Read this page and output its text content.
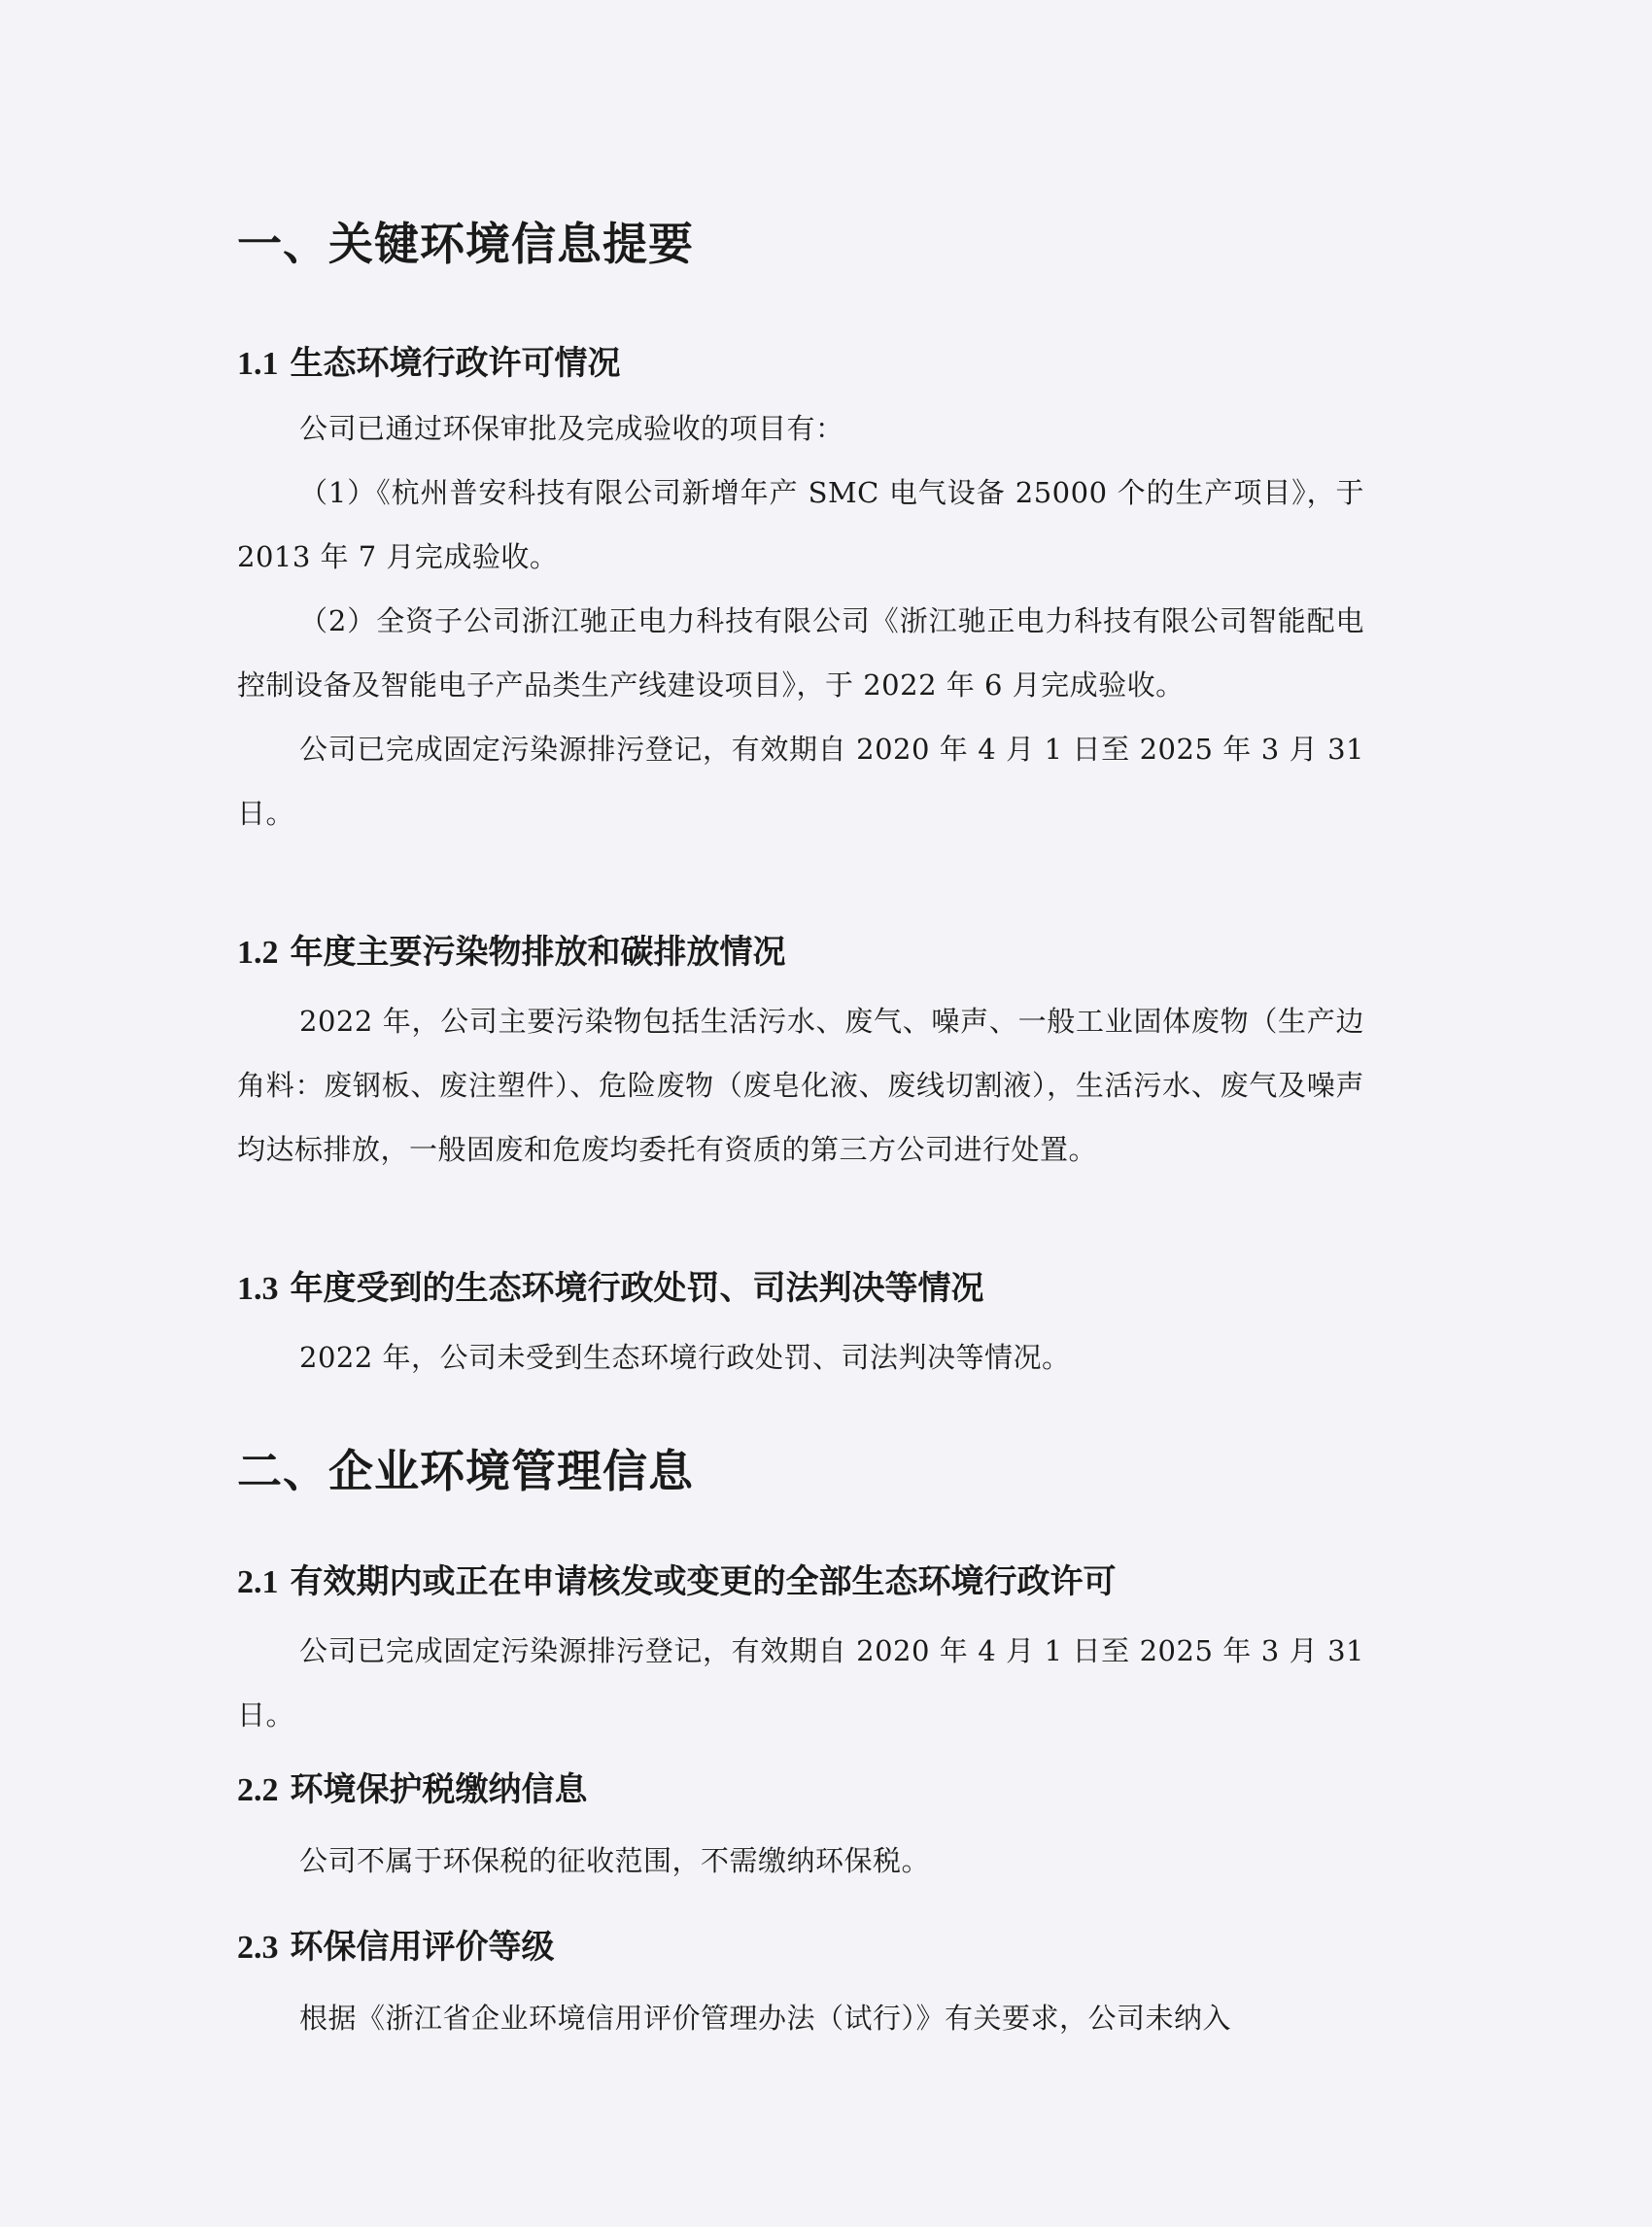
一、关键环境信息提要
1.1 生态环境行政许可情况

公司已通过环保审批及完成验收的项目有：

（1）《杭州普安科技有限公司新增年产 SMC 电气设备 25000 个的生产项目》，于 2013 年 7 月完成验收。

（2）全资子公司浙江驰正电力科技有限公司《浙江驰正电力科技有限公司智能配电控制设备及智能电子产品类生产线建设项目》，于 2022 年 6 月完成验收。

公司已完成固定污染源排污登记，有效期自 2020 年 4 月 1 日至 2025 年 3 月 31 日。

1.2 年度主要污染物排放和碳排放情况

2022 年，公司主要污染物包括生活污水、废气、噪声、一般工业固体废物（生产边角料：废钢板、废注塑件）、危险废物（废皂化液、废线切割液），生活污水、废气及噪声均达标排放，一般固废和危废均委托有资质的第三方公司进行处置。

1.3 年度受到的生态环境行政处罚、司法判决等情况

2022 年，公司未受到生态环境行政处罚、司法判决等情况。

二、企业环境管理信息
2.1 有效期内或正在申请核发或变更的全部生态环境行政许可

公司已完成固定污染源排污登记，有效期自 2020 年 4 月 1 日至 2025 年 3 月 31 日。

2.2 环境保护税缴纳信息

公司不属于环保税的征收范围，不需缴纳环保税。

2.3 环保信用评价等级

根据《浙江省企业环境信用评价管理办法（试行）》有关要求，公司未纳入
